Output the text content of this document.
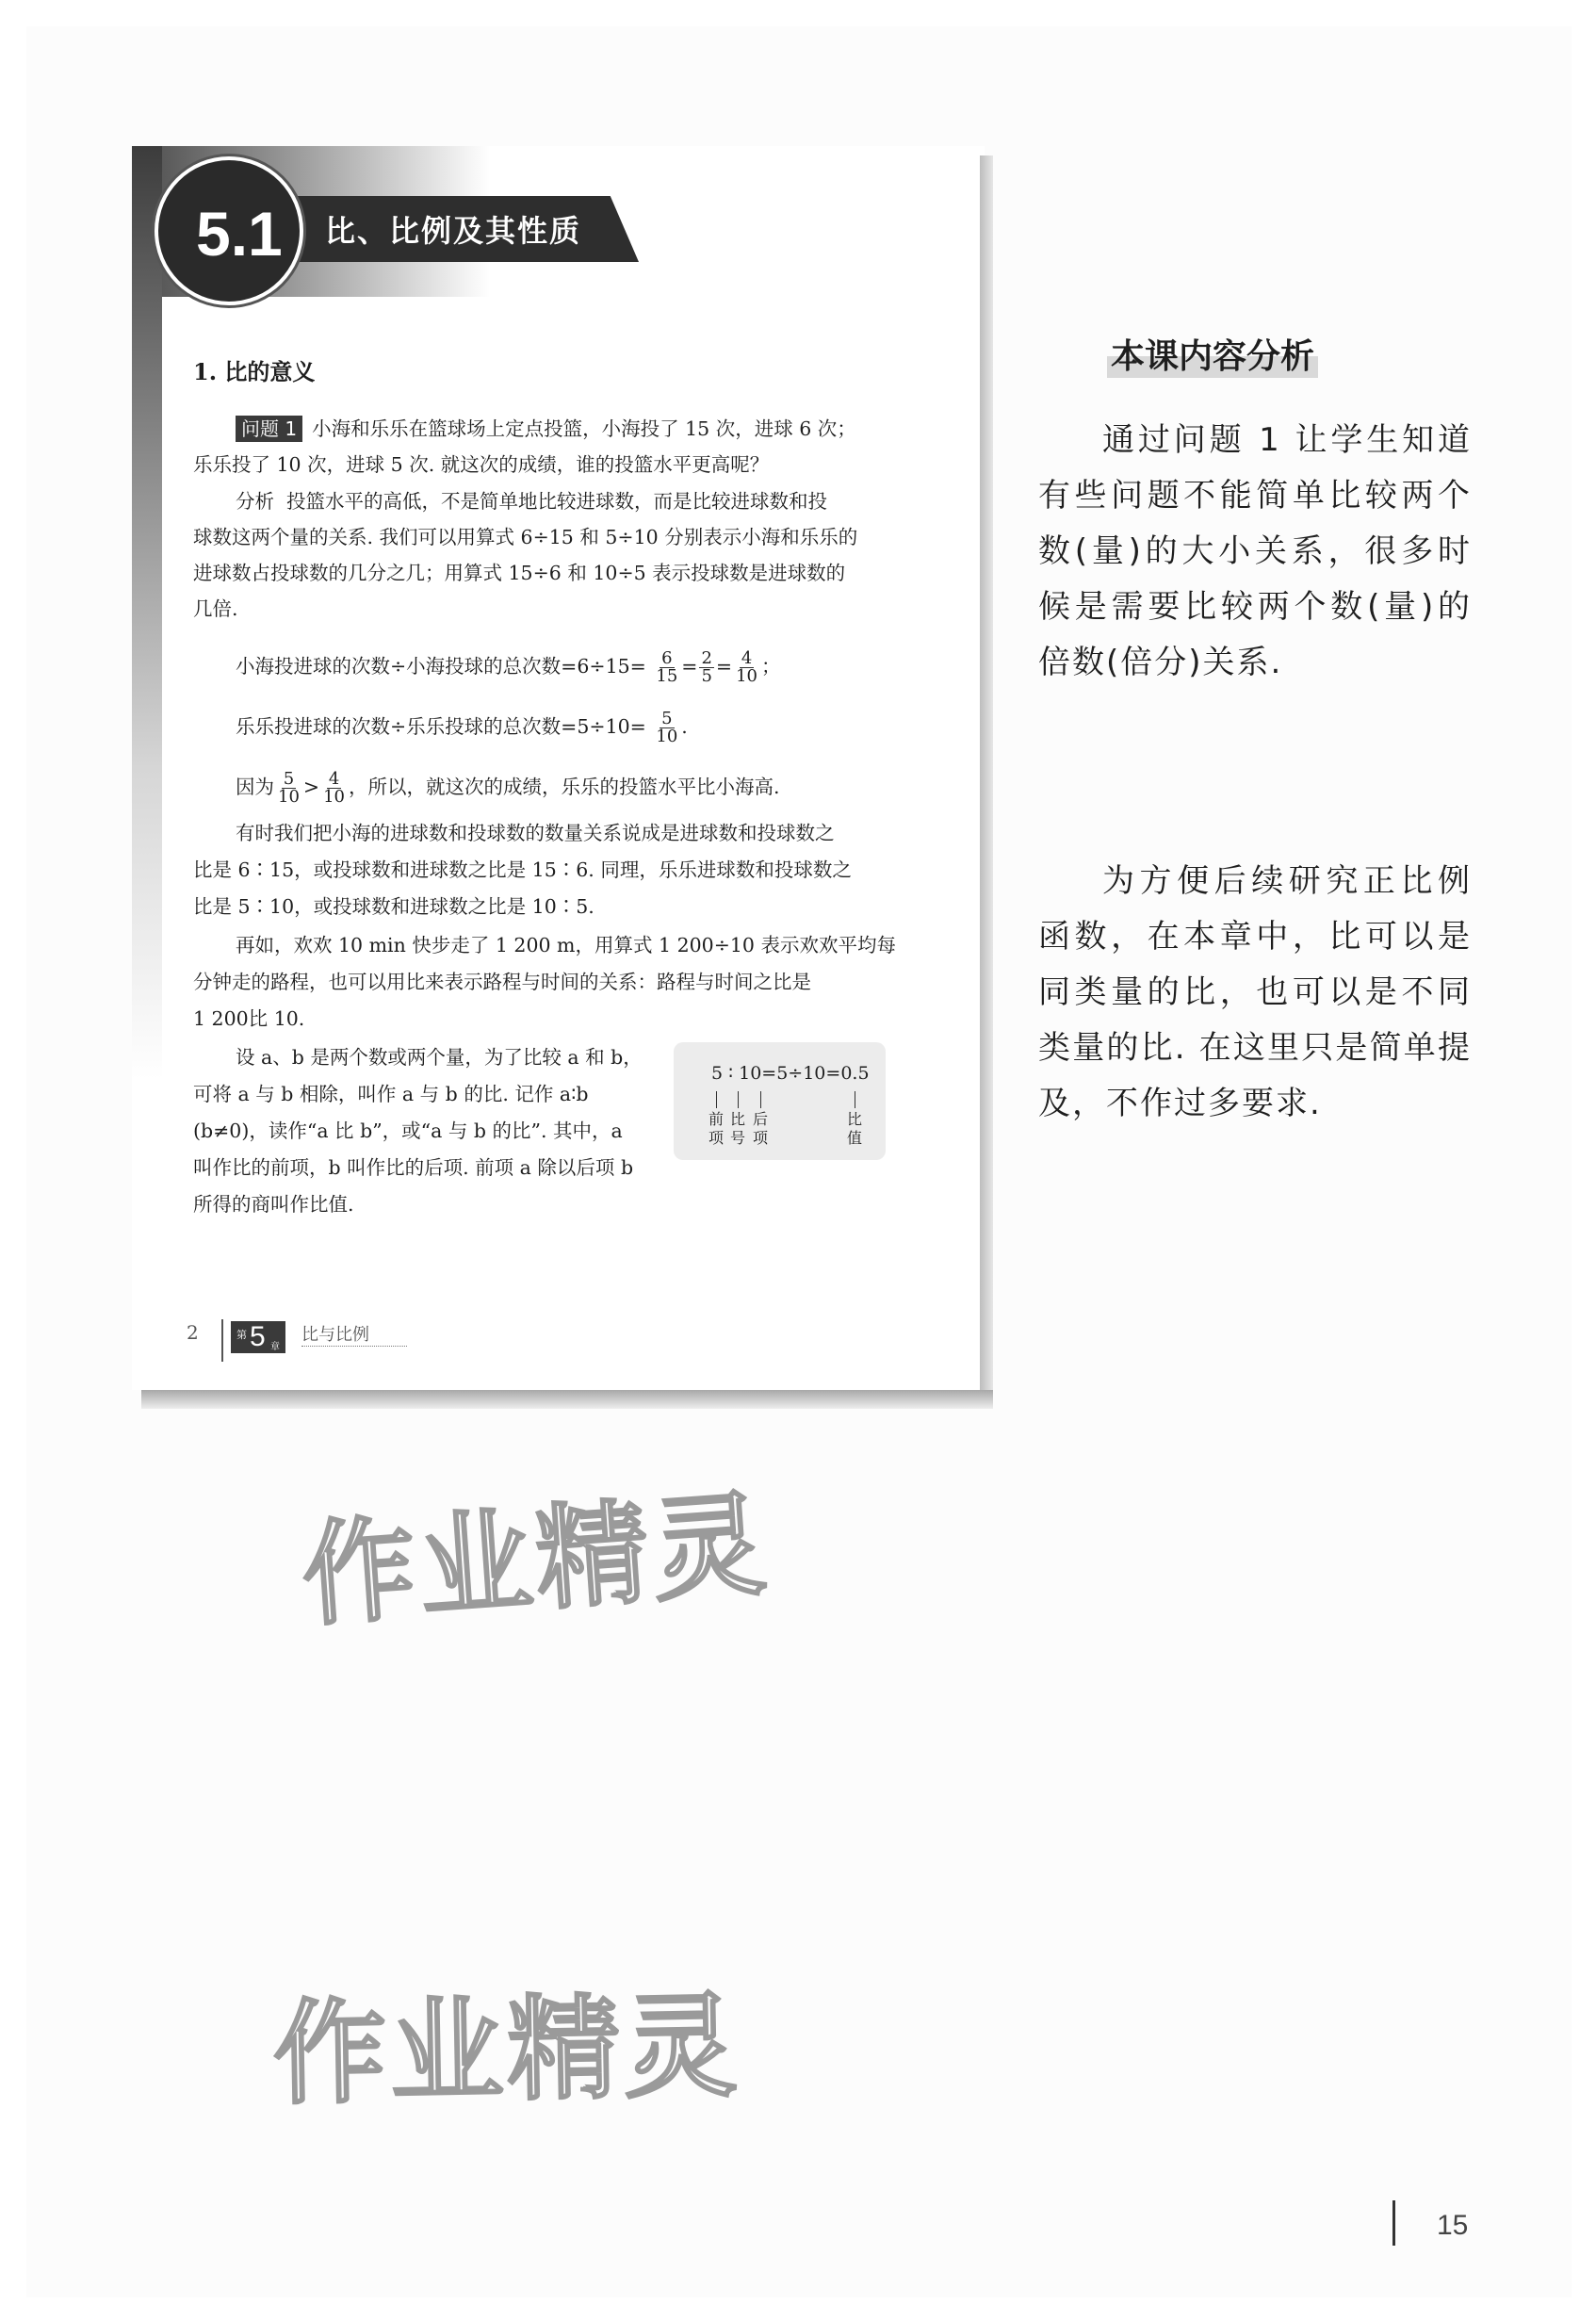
5.1 比、比例及其性质
1. 比的意义
问题 1 小海和乐乐在篮球场上定点投篮，小海投了 15 次，进球 6 次；
乐乐投了 10 次，进球 5 次. 就这次的成绩，谁的投篮水平更高呢？
分析 投篮水平的高低，不是简单地比较进球数，而是比较进球数和投
球数这两个量的关系. 我们可以用算式 6÷15 和 5÷10 分别表示小海和乐乐的
进球数占投球数的几分之几；用算式 15÷6 和 10÷5 表示投球数是进球数的
几倍.
小海投进球的次数÷小海投球的总次数$=6\div 15= \frac{6}{15} = \frac{2}{5} = \frac{4}{10}$ ；
乐乐投进球的次数÷乐乐投球的总次数$=5\div 10= \frac{5}{10}$ .
因为 $\frac{5}{10} > \frac{4}{10}$ ，所以，就这次的成绩，乐乐的投篮水平比小海高.
有时我们把小海的进球数和投球数的数量关系说成是进球数和投球数之
比是 6∶15，或投球数和进球数之比是 15∶6. 同理，乐乐进球数和投球数之
比是 5∶10，或投球数和进球数之比是 10∶5.
再如，欢欢 10 min 快步走了 1 200 m，用算式 1 200÷10 表示欢欢平均每
分钟走的路程，也可以用比来表示路程与时间的关系：路程与时间之比是
1 200比 10.
设 a、b 是两个数或两个量，为了比较 a 和 b，
可将 a 与 b 相除，叫作 a 与 b 的比. 记作 a∶b
(b≠0)，读作“a 比 b”，或“a 与 b 的比”. 其中，a
叫作比的前项，b 叫作比的后项. 前项 a 除以后项 b
所得的商叫作比值.
5 ∶ 10=5÷10=0.5
前
项
比
号
后
项
比
值
2	第 5 章
比与比例
本课内容分析
通过问题 1 让学生知道有些问题不能简单比较两个数(量)的大小关系，很多时候是需要比较两个数(量)的倍数(倍分)关系.
为方便后续研究正比例函数，在本章中，比可以是同类量的比，也可以是不同类量的比. 在这里只是简单提及，不作过多要求.
作业精灵
作业精灵
15
